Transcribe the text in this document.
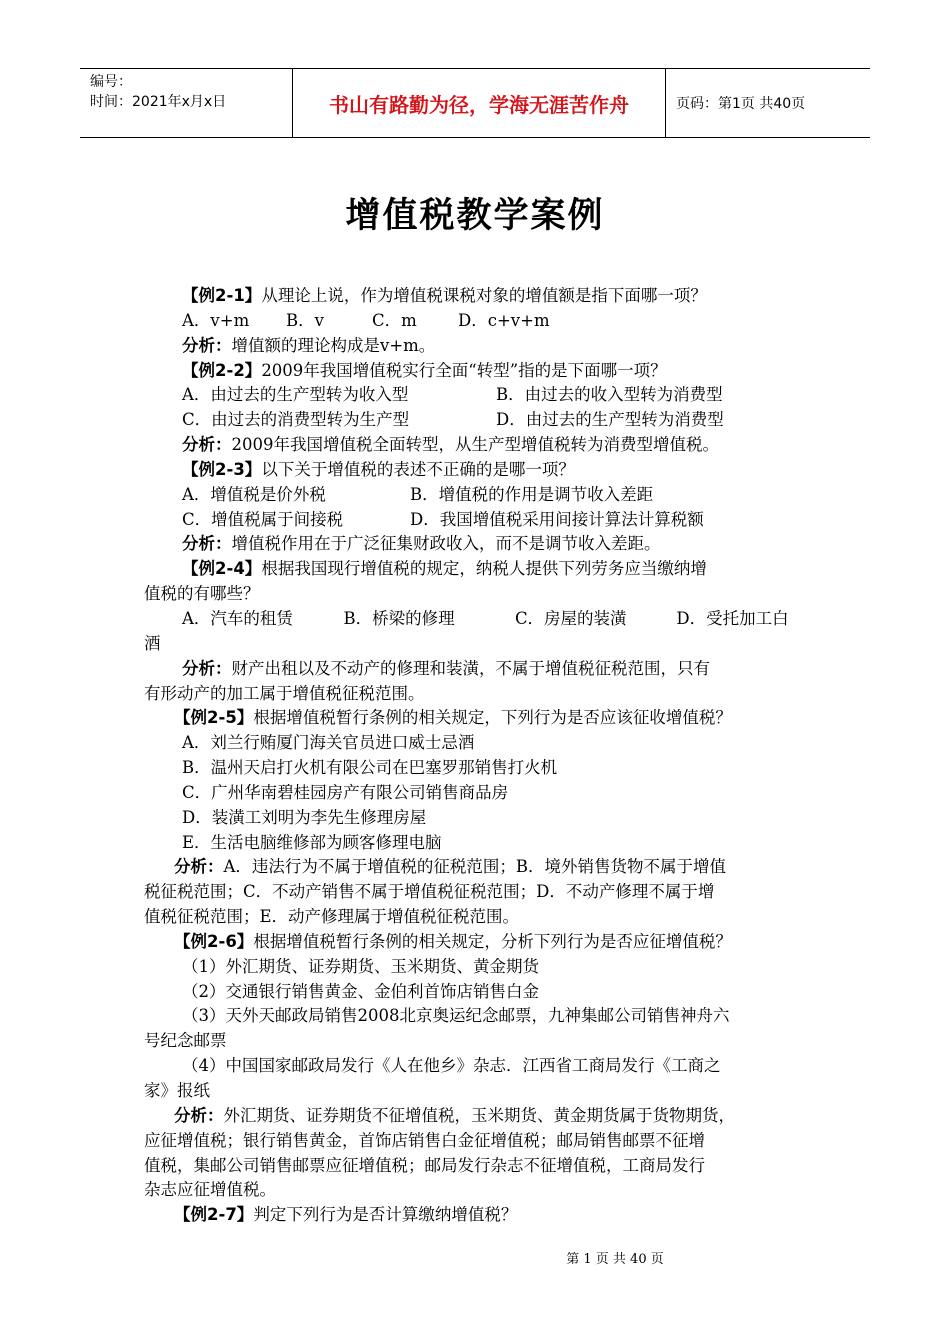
编号：
时间：2021年x月x日	书山有路勤为径，学海无涯苦作舟	页码：第1页 共40页
增值税教学案例
【例2-1】从理论上说，作为增值税课税对象的增值额是指下面哪一项？
A．v+m	B．v	C．m	D．c+v+m
分析：增值额的理论构成是v+m。
【例2-2】2009年我国增值税实行全面“转型”指的是下面哪一项？
A．由过去的生产型转为收入型	B．由过去的收入型转为消费型
C．由过去的消费型转为生产型	D．由过去的生产型转为消费型
分析：2009年我国增值税全面转型，从生产型增值税转为消费型增值税。
【例2-3】以下关于增值税的表述不正确的是哪一项？
A．增值税是价外税	B．增值税的作用是调节收入差距
C．增值税属于间接税	D．我国增值税采用间接计算法计算税额
分析：增值税作用在于广泛征集财政收入，而不是调节收入差距。
【例2-4】根据我国现行增值税的规定，纳税人提供下列劳务应当缴纳增
值税的有哪些？
A．汽车的租赁	B．桥梁的修理	C．房屋的装潢	D．受托加工白
酒
分析：财产出租以及不动产的修理和装潢，不属于增值税征税范围，只有
有形动产的加工属于增值税征税范围。
【例2-5】根据增值税暂行条例的相关规定，下列行为是否应该征收增值税？
A．刘兰行贿厦门海关官员进口威士忌酒
B．温州天启打火机有限公司在巴塞罗那销售打火机
C．广州华南碧桂园房产有限公司销售商品房
D．装潢工刘明为李先生修理房屋
E．生活电脑维修部为顾客修理电脑
分析：A．违法行为不属于增值税的征税范围；B．境外销售货物不属于增值
税征税范围；C．不动产销售不属于增值税征税范围；D．不动产修理不属于增
值税征税范围；E．动产修理属于增值税征税范围。
【例2-6】根据增值税暂行条例的相关规定，分析下列行为是否应征增值税？
（1）外汇期货、证券期货、玉米期货、黄金期货
（2）交通银行销售黄金、金伯利首饰店销售白金
（3）天外天邮政局销售2008北京奥运纪念邮票，九神集邮公司销售神舟六
号纪念邮票
（4）中国国家邮政局发行《人在他乡》杂志．江西省工商局发行《工商之
家》报纸
分析：外汇期货、证券期货不征增值税，玉米期货、黄金期货属于货物期货，
应征增值税；银行销售黄金，首饰店销售白金征增值税；邮局销售邮票不征增
值税，集邮公司销售邮票应征增值税；邮局发行杂志不征增值税，工商局发行
杂志应征增值税。
【例2-7】判定下列行为是否计算缴纳增值税？
第 1 页 共 40 页
